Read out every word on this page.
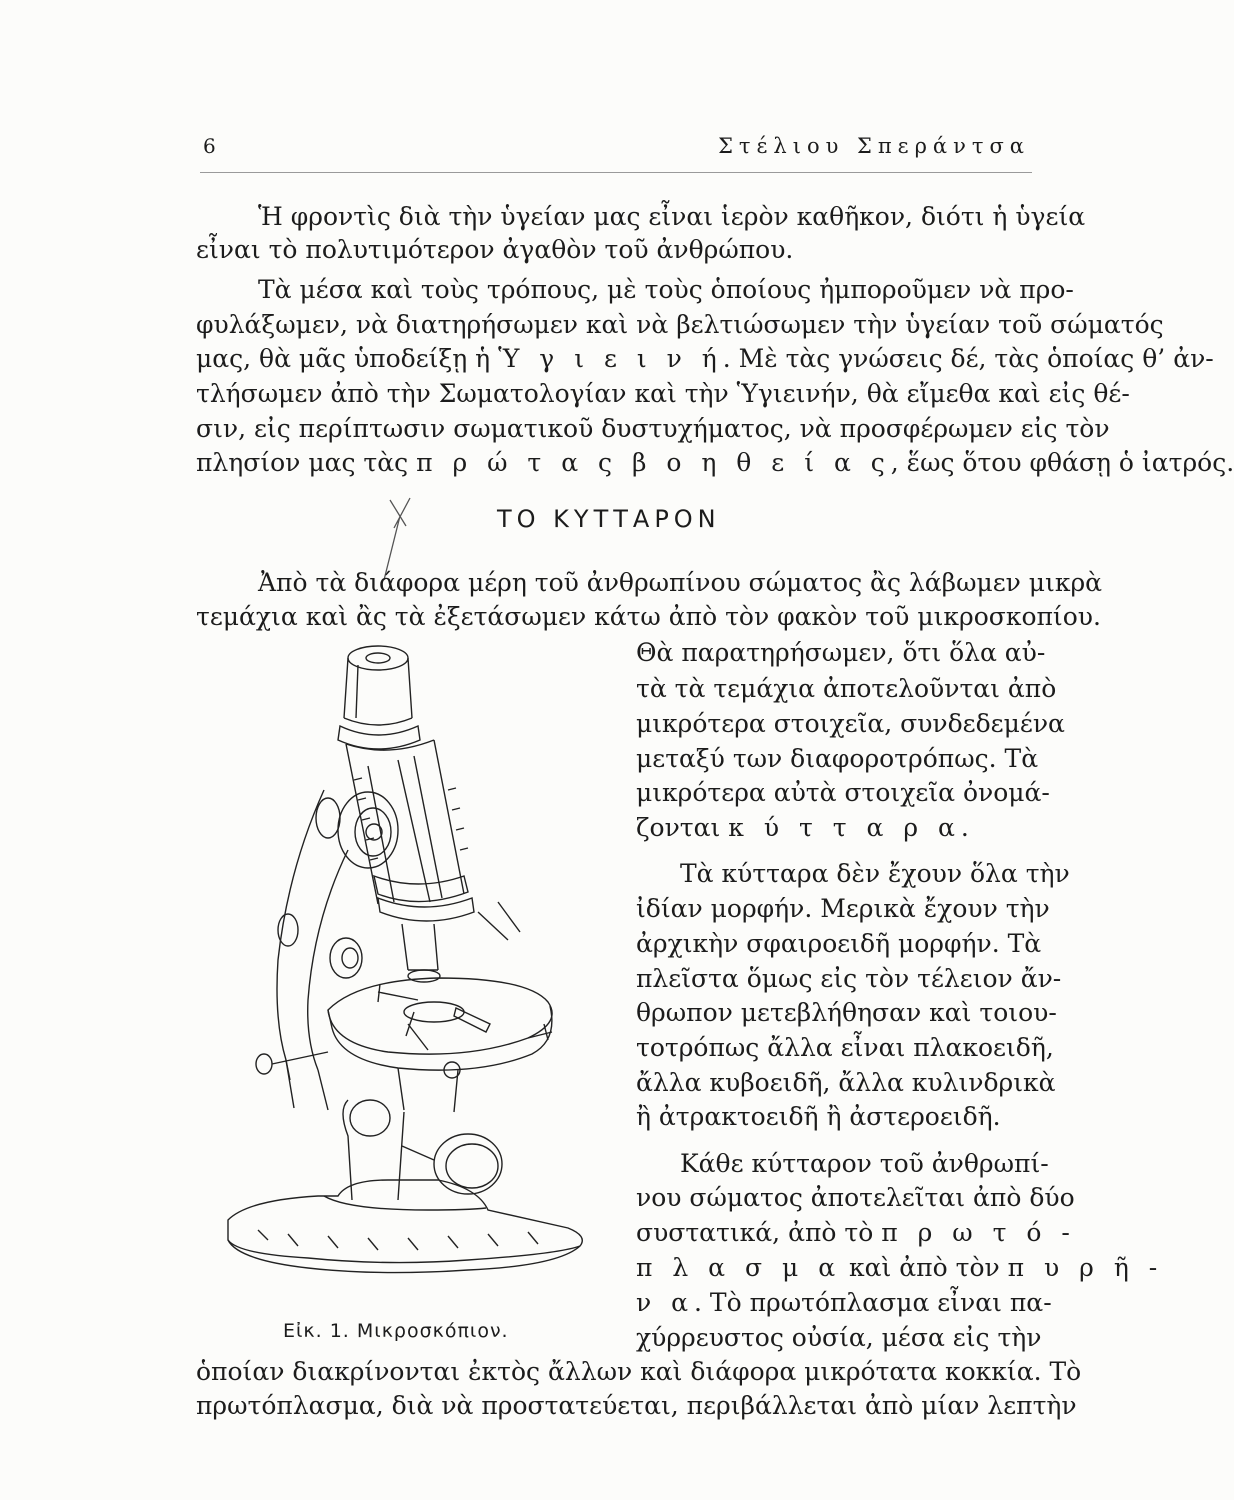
6	Στέλιου Σπεράντσα
Ἡ φροντὶς διὰ τὴν ὑγείαν μας εἶναι ἱερὸν καθῆκον, διότι ἡ ὑγεία
εἶναι τὸ πολυτιμότερον ἀγαθὸν τοῦ ἀνθρώπου.
Τὰ μέσα καὶ τοὺς τρόπους, μὲ τοὺς ὁποίους ἠμποροῦμεν νὰ προ-
φυλάξωμεν, νὰ διατηρήσωμεν καὶ νὰ βελτιώσωμεν τὴν ὑγείαν τοῦ σώματός
μας, θὰ μᾶς ὑποδείξῃ ἡ Ὑ γ ι ε ι ν ή. Μὲ τὰς γνώσεις δέ, τὰς ὁποίας θ’ ἀν-
τλήσωμεν ἀπὸ τὴν Σωματολογίαν καὶ τὴν Ὑγιεινήν, θὰ εἴμεθα καὶ εἰς θέ-
σιν, εἰς περίπτωσιν σωματικοῦ δυστυχήματος, νὰ προσφέρωμεν εἰς τὸν
πλησίον μας τὰς π ρ ώ τ α ς β ο η θ ε ί α ς, ἕως ὅτου φθάσῃ ὁ ἰατρός.
ΤΟ ΚΥΤΤΑΡΟΝ
Ἀπὸ τὰ διάφορα μέρη τοῦ ἀνθρωπίνου σώματος ἂς λάβωμεν μικρὰ
τεμάχια καὶ ἂς τὰ ἐξετάσωμεν κάτω ἀπὸ τὸν φακὸν τοῦ μικροσκοπίου.
Θὰ παρατηρήσωμεν, ὅτι ὅλα αὐ-
τὰ τὰ τεμάχια ἀποτελοῦνται ἀπὸ
μικρότερα στοιχεῖα, συνδεδεμένα
μεταξύ των διαφοροτρόπως. Τὰ
μικρότερα αὐτὰ στοιχεῖα ὀνομά-
ζονται κ ύ τ τ α ρ α.
Τὰ κύτταρα δὲν ἔχουν ὅλα τὴν
ἰδίαν μορφήν. Μερικὰ ἔχουν τὴν
ἀρχικὴν σφαιροειδῆ μορφήν. Τὰ
πλεῖστα ὅμως εἰς τὸν τέλειον ἄν-
θρωπον μετεβλήθησαν καὶ τοιου-
τοτρόπως ἄλλα εἶναι πλακοειδῆ,
ἄλλα κυβοειδῆ, ἄλλα κυλινδρικὰ
ἢ ἀτρακτοειδῆ ἢ ἀστεροειδῆ.
Κάθε κύτταρον τοῦ ἀνθρωπί-
νου σώματος ἀποτελεῖται ἀπὸ δύο
συστατικά, ἀπὸ τὸ π ρ ω τ ό -
π λ α σ μ α καὶ ἀπὸ τὸν π υ ρ ῆ -
ν α. Τὸ πρωτόπλασμα εἶναι πα-
χύρρευστος οὐσία, μέσα εἰς τὴν
ὁποίαν διακρίνονται ἐκτὸς ἄλλων καὶ διάφορα μικρότατα κοκκία. Τὸ
πρωτόπλασμα, διὰ νὰ προστατεύεται, περιβάλλεται ἀπὸ μίαν λεπτὴν
Εἰκ. 1. Μικροσκόπιον.
